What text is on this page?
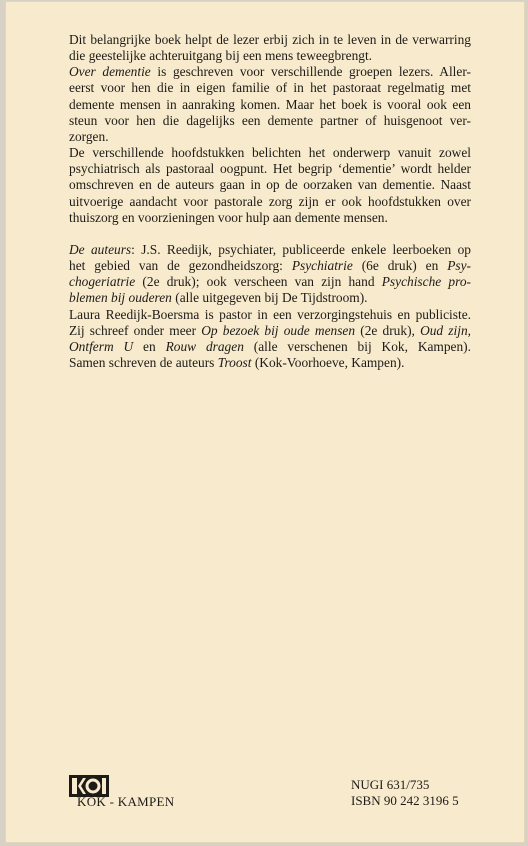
Dit belangrijke boek helpt de lezer erbij zich in te leven in de verwarring
die geestelijke achteruitgang bij een mens teweegbrengt.
Over dementie is geschreven voor verschillende groepen lezers. Aller-
eerst voor hen die in eigen familie of in het pastoraat regelmatig met
demente mensen in aanraking komen. Maar het boek is vooral ook een
steun voor hen die dagelijks een demente partner of huisgenoot ver-
zorgen.
De verschillende hoofdstukken belichten het onderwerp vanuit zowel
psychiatrisch als pastoraal oogpunt. Het begrip ‘dementie’ wordt helder
omschreven en de auteurs gaan in op de oorzaken van dementie. Naast
uitvoerige aandacht voor pastorale zorg zijn er ook hoofdstukken over
thuiszorg en voorzieningen voor hulp aan demente mensen.
De auteurs: J.S. Reedijk, psychiater, publiceerde enkele leerboeken op
het gebied van de gezondheidszorg: Psychiatrie (6e druk) en Psy-
chogeriatrie (2e druk); ook verscheen van zijn hand Psychische pro-
blemen bij ouderen (alle uitgegeven bij De Tijdstroom).
Laura Reedijk-Boersma is pastor in een verzorgingstehuis en publiciste.
Zij schreef onder meer Op bezoek bij oude mensen (2e druk), Oud zijn,
Ontferm U en Rouw dragen (alle verschenen bij Kok, Kampen).
Samen schreven de auteurs Troost (Kok-Voorhoeve, Kampen).
KOK - KAMPEN
NUGI 631/735
ISBN 90 242 3196 5
